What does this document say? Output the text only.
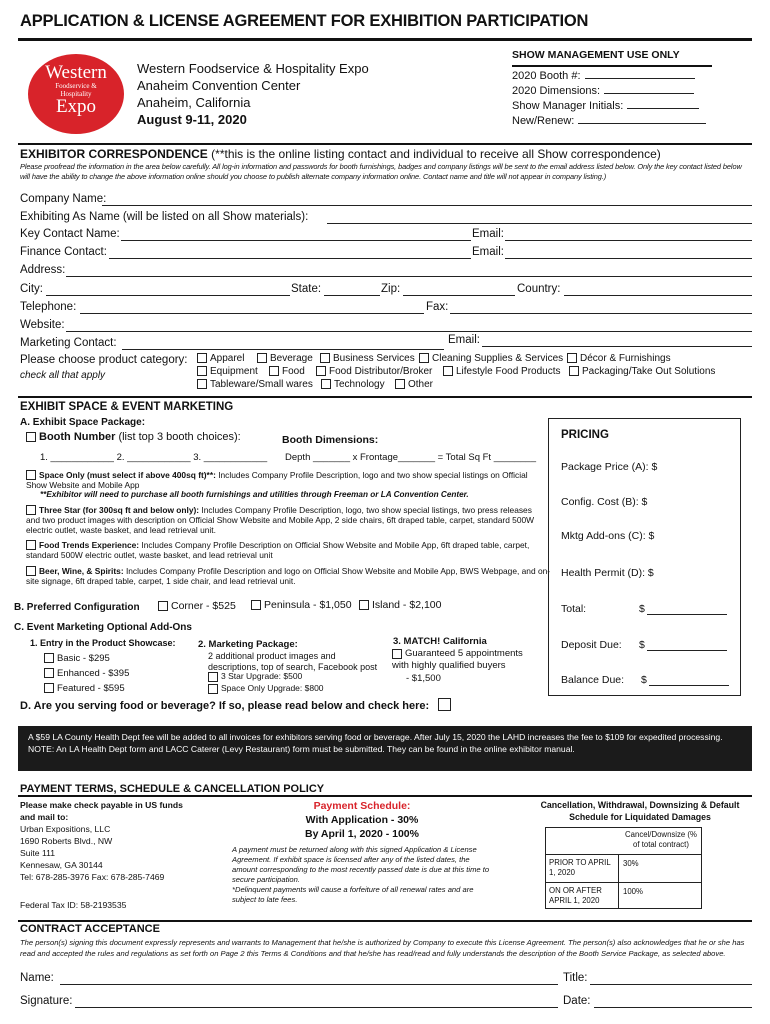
APPLICATION & LICENSE AGREEMENT FOR EXHIBITION PARTICIPATION
Western
Foodservice &
Hospitality
Expo
Western Foodservice & Hospitality Expo
Anaheim Convention Center
Anaheim, California
August 9-11, 2020
SHOW MANAGEMENT USE ONLY
2020 Booth #:
2020 Dimensions:
Show Manager Initials:
New/Renew:
EXHIBITOR CORRESPONDENCE (**this is the online listing contact and individual to receive all Show correspondence)
Please proofread the information in the area below carefully. All log-in information and passwords for booth furnishings, badges and company listings will be sent to the email address listed below. Only the key contact listed below will have the ability to change the above information online should you choose to publish alternate company information online. Contact name and title will not appear in company listing.)
Company Name:
Exhibiting As Name (will be listed on all Show materials):
Key Contact Name:	Email:
Finance Contact:	Email:
Address:
City:	State:	Zip:	Country:
Telephone:	Fax:
Website:
Marketing Contact:	Email:
Please choose product category:
check all that apply
Apparel	Beverage	Business Services	Cleaning Supplies & Services	Décor & Furnishings
Equipment	Food	Food Distributor/Broker	Lifestyle Food Products	Packaging/Take Out Solutions
Tableware/Small wares	Technology	Other
EXHIBIT SPACE & EVENT MARKETING
A. Exhibit Space Package:
Booth Number (list top 3 booth choices):	Booth Dimensions:
1. ____________ 2. ____________ 3. ____________ Depth _______ x Frontage_______ = Total Sq Ft ________
Space Only (must select if above 400sq ft)**: Includes Company Profile Description, logo and two show special listings on Official Show Website and Mobile App
**Exhibitor will need to purchase all booth furnishings and utilities through Freeman or LA Convention Center.
Three Star (for 300sq ft and below only): Includes Company Profile Description, logo, two show special listings, two press releases and two product images with description on Official Show Website and Mobile App, 2 side chairs, 6ft draped table, carpet, standard 500W electric outlet, waste basket, and lead retrieval unit.
Food Trends Experience: Includes Company Profile Description on Official Show Website and Mobile App, 6ft draped table, carpet, standard 500W electric outlet, waste basket, and lead retrieval unit
Beer, Wine, & Spirits: Includes Company Profile Description and logo on Official Show Website and Mobile App, BWS Webpage, and on-site signage, 6ft draped table, carpet, 1 side chair, and lead retrieval unit.
B. Preferred Configuration	Corner - $525	Peninsula - $1,050	Island - $2,100
C. Event Marketing Optional Add-Ons
1. Entry in the Product Showcase:
Basic - $295
Enhanced - $395
Featured - $595
2. Marketing Package:
2 additional product images and descriptions, top of search, Facebook post
3 Star Upgrade: $500
Space Only Upgrade: $800
3. MATCH! California
Guaranteed 5 appointments with highly qualified buyers
- $1,500
D. Are you serving food or beverage? If so, please read below and check here:
PRICING
Package Price (A): $
Config. Cost (B): $
Mktg Add-ons (C): $
Health Permit (D): $
Total:	$
Deposit Due: $
Balance Due: $
A $59 LA County Health Dept fee will be added to all invoices for exhibitors serving food or beverage. After July 15, 2020 the LAHD increases the fee to $109 for expedited processing. NOTE: An LA Health Dept form and LACC Caterer (Levy Restaurant) form must be submitted. They can be found in the online exhibitor manual.
PAYMENT TERMS, SCHEDULE & CANCELLATION POLICY
Please make check payable in US funds and mail to:
Urban Expositions, LLC
1690 Roberts Blvd., NW
Suite 111
Kennesaw, GA 30144
Tel: 678-285-3976 Fax: 678-285-7469
Federal Tax ID: 58-2193535
Payment Schedule:
With Application - 30%
By April 1, 2020 - 100%
A payment must be returned along with this signed Application & License Agreement. If exhibit space is licensed after any of the listed dates, the amount corresponding to the most recently passed date is due at this time to secure participation.
*Delinquent payments will cause a forfeiture of all renewal rates and are subject to late fees.
Cancellation, Withdrawal, Downsizing & Default Schedule for Liquidated Damages
Cancel/Downsize (% of total contract)
PRIOR TO APRIL 1, 2020
30%
ON OR AFTER APRIL 1, 2020
100%
CONTRACT ACCEPTANCE
The person(s) signing this document expressly represents and warrants to Management that he/she is authorized by Company to execute this License Agreement. The person(s) also acknowledges that he or she has read and accepted the rules and regulations as set forth on Page 2 this Terms & Conditions and that he/she has read/read and fully understands the description of the Booth Service Package, as selected above.
Name:	Title:
Signature:	Date:
